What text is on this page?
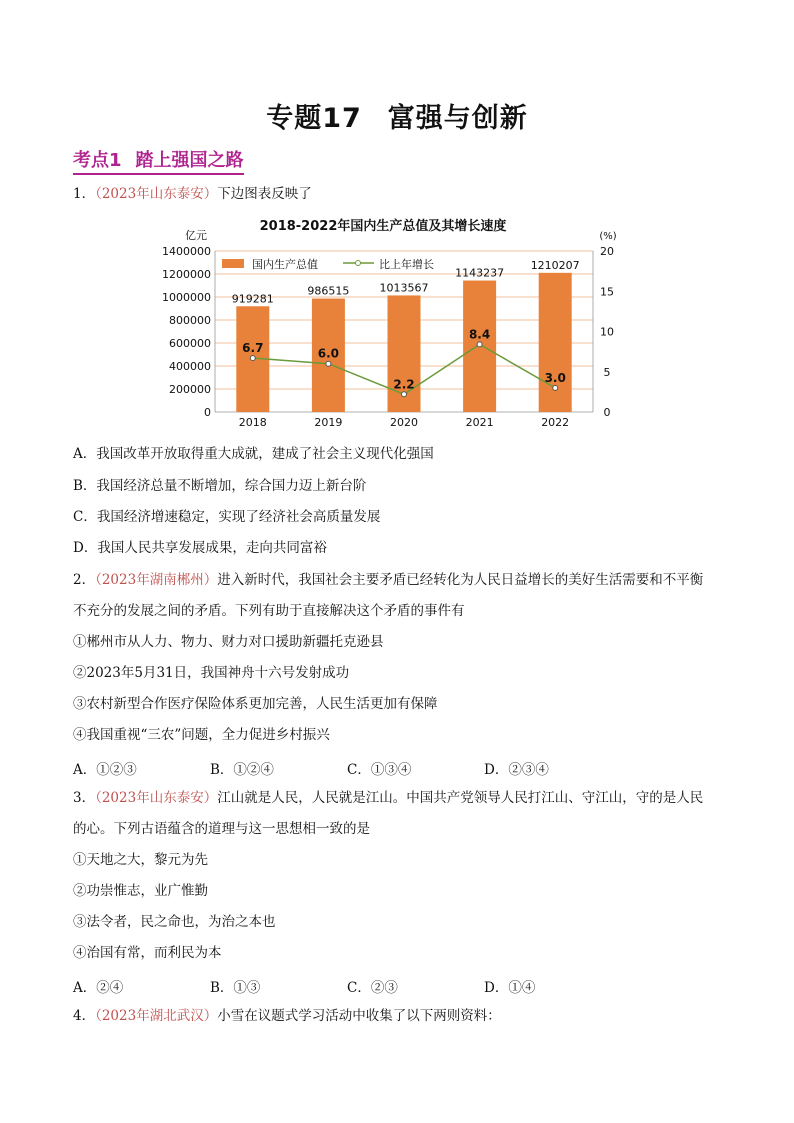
专题17 富强与创新
考点1 踏上强国之路
1．（2023年山东泰安）下边图表反映了
2018-2022年国内生产总值及其增长速度
亿元	(%)
0
200000
400000
600000
800000
1000000
1200000
1400000
0
5
10
15
20
919281
986515	1013567
1143237
1210207
2018	2019	2020	2021	2022
6.7	6.0
2.2
8.4
3.0
国内生产总值	比上年增长
A．我国改革开放取得重大成就，建成了社会主义现代化强国
B．我国经济总量不断增加，综合国力迈上新台阶
C．我国经济增速稳定，实现了经济社会高质量发展
D．我国人民共享发展成果，走向共同富裕
2．（2023年湖南郴州）进入新时代，我国社会主要矛盾已经转化为人民日益增长的美好生活需要和不平衡
不充分的发展之间的矛盾。下列有助于直接解决这个矛盾的事件有
①郴州市从人力、物力、财力对口援助新疆托克逊县
②2023年5月31日，我国神舟十六号发射成功
③农村新型合作医疗保险体系更加完善，人民生活更加有保障
④我国重视“三农”问题，全力促进乡村振兴
A．①②③	B．①②④	C．①③④	D．②③④
3．（2023年山东泰安）江山就是人民，人民就是江山。中国共产党领导人民打江山、守江山，守的是人民
的心。下列古语蕴含的道理与这一思想相一致的是
①天地之大，黎元为先
②功崇惟志，业广惟勤
③法令者，民之命也，为治之本也
④治国有常，而利民为本
A．②④	B．①③	C．②③	D．①④
4．（2023年湖北武汉）小雪在议题式学习活动中收集了以下两则资料：
